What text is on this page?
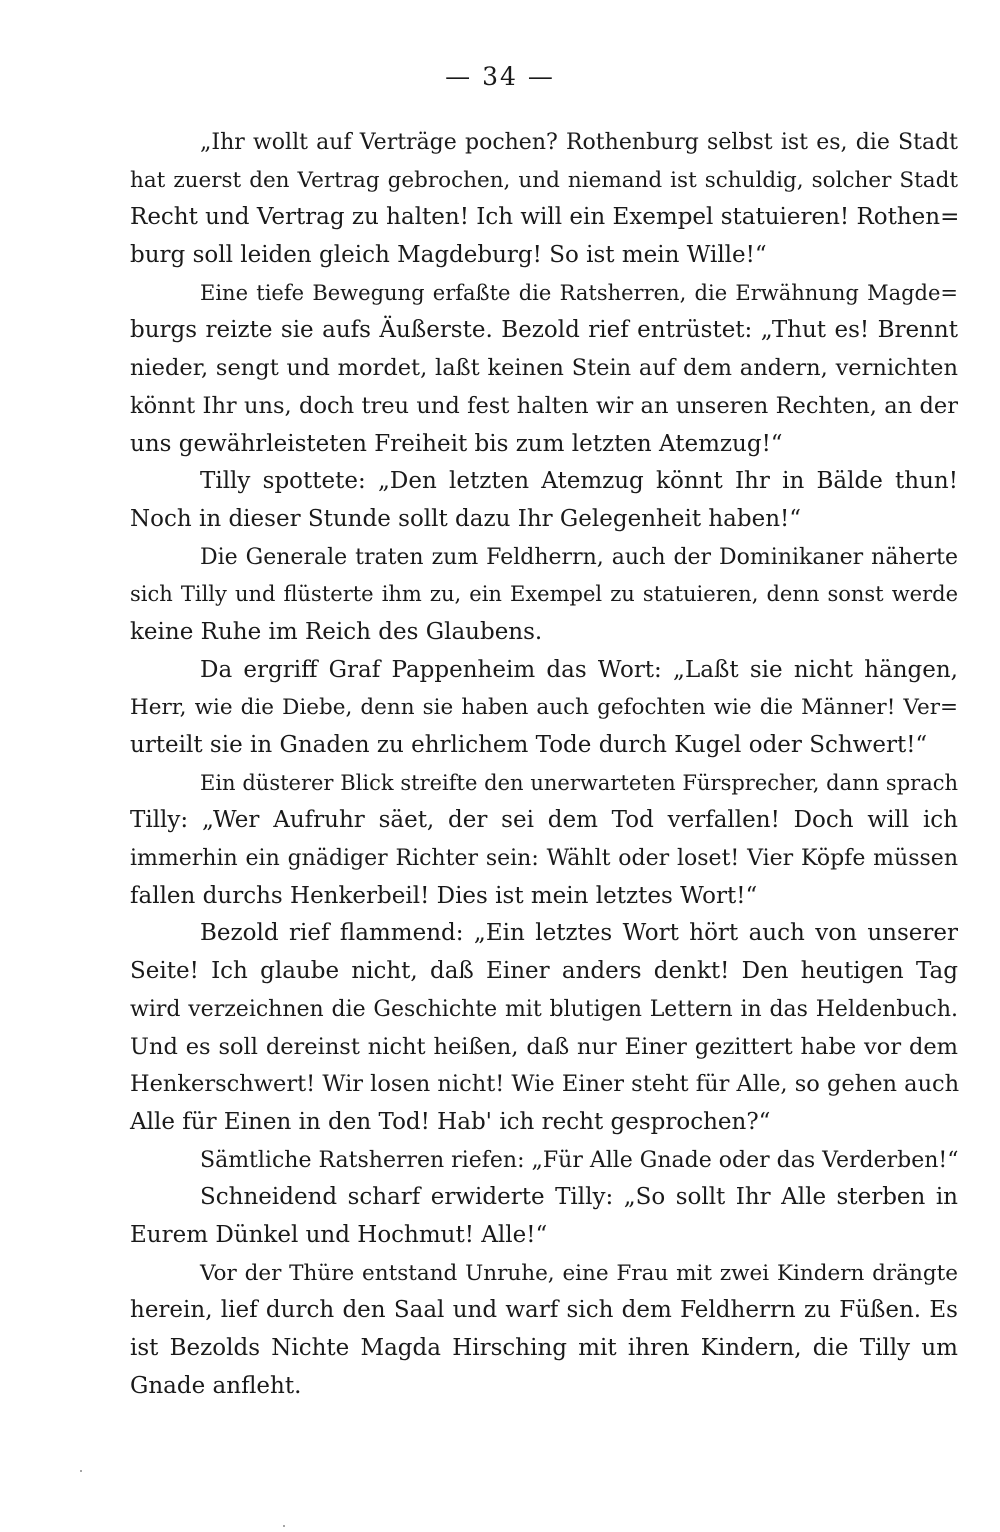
— 34 —
„Ihr wollt auf Verträge pochen? Rothenburg selbst ist es, die Stadt
hat zuerst den Vertrag gebrochen, und niemand ist schuldig, solcher Stadt
Recht und Vertrag zu halten! Ich will ein Exempel statuieren! Rothen=
burg soll leiden gleich Magdeburg! So ist mein Wille!“
Eine tiefe Bewegung erfaßte die Ratsherren, die Erwähnung Magde=
burgs reizte sie aufs Äußerste. Bezold rief entrüstet: „Thut es! Brennt
nieder, sengt und mordet, laßt keinen Stein auf dem andern, vernichten
könnt Ihr uns, doch treu und fest halten wir an unseren Rechten, an der
uns gewährleisteten Freiheit bis zum letzten Atemzug!“
Tilly spottete: „Den letzten Atemzug könnt Ihr in Bälde thun!
Noch in dieser Stunde sollt dazu Ihr Gelegenheit haben!“
Die Generale traten zum Feldherrn, auch der Dominikaner näherte
sich Tilly und flüsterte ihm zu, ein Exempel zu statuieren, denn sonst werde
keine Ruhe im Reich des Glaubens.
Da ergriff Graf Pappenheim das Wort: „Laßt sie nicht hängen,
Herr, wie die Diebe, denn sie haben auch gefochten wie die Männer! Ver=
urteilt sie in Gnaden zu ehrlichem Tode durch Kugel oder Schwert!“
Ein düsterer Blick streifte den unerwarteten Fürsprecher, dann sprach
Tilly: „Wer Aufruhr säet, der sei dem Tod verfallen! Doch will ich
immerhin ein gnädiger Richter sein: Wählt oder loset! Vier Köpfe müssen
fallen durchs Henkerbeil! Dies ist mein letztes Wort!“
Bezold rief flammend: „Ein letztes Wort hört auch von unserer
Seite! Ich glaube nicht, daß Einer anders denkt! Den heutigen Tag
wird verzeichnen die Geschichte mit blutigen Lettern in das Heldenbuch.
Und es soll dereinst nicht heißen, daß nur Einer gezittert habe vor dem
Henkerschwert! Wir losen nicht! Wie Einer steht für Alle, so gehen auch
Alle für Einen in den Tod! Hab' ich recht gesprochen?“
Sämtliche Ratsherren riefen: „Für Alle Gnade oder das Verderben!“
Schneidend scharf erwiderte Tilly: „So sollt Ihr Alle sterben in
Eurem Dünkel und Hochmut! Alle!“
Vor der Thüre entstand Unruhe, eine Frau mit zwei Kindern drängte
herein, lief durch den Saal und warf sich dem Feldherrn zu Füßen. Es
ist Bezolds Nichte Magda Hirsching mit ihren Kindern, die Tilly um
Gnade anfleht.
